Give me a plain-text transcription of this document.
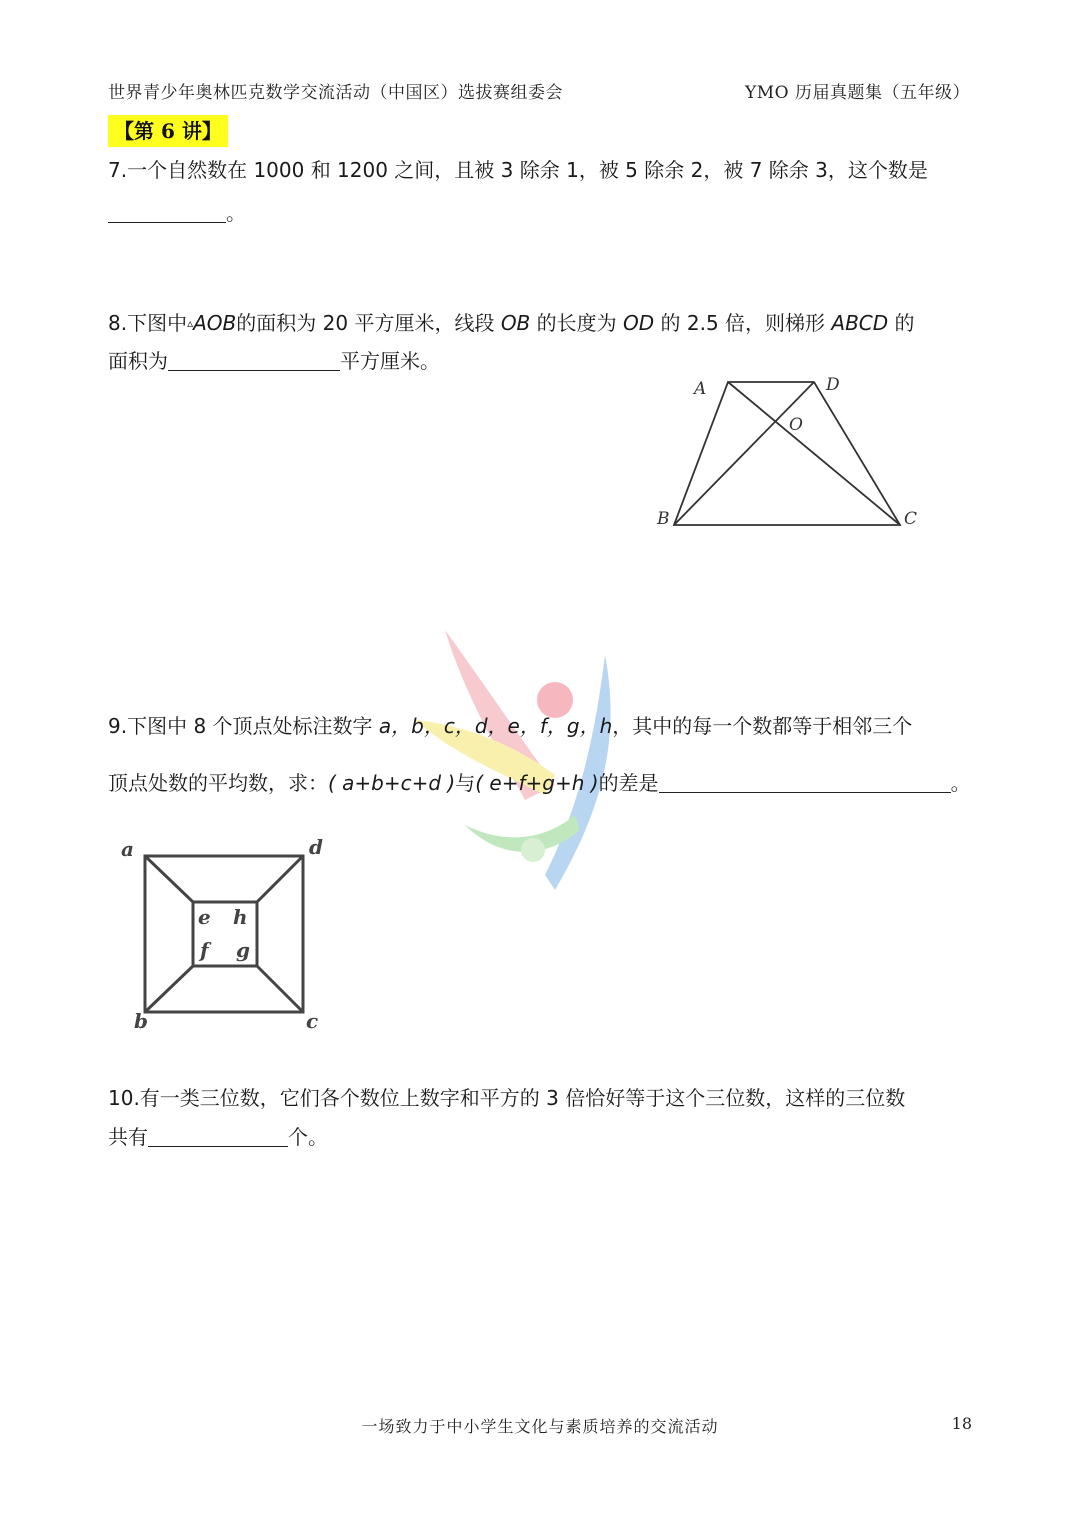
世界青少年奥林匹克数学交流活动（中国区）选拔赛组委会	YMO 历届真题集（五年级）
【第 6 讲】
7.一个自然数在 1000 和 1200 之间，且被 3 除余 1，被 5 除余 2，被 7 除余 3，这个数是
。
8.下图中▵AOB的面积为 20 平方厘米，线段 OB 的长度为 OD 的 2.5 倍，则梯形 ABCD 的
面积为	平方厘米。
A	D
O
B	C
9.下图中 8 个顶点处标注数字 a，b，c，d，e，f，g，h，其中的每一个数都等于相邻三个
顶点处数的平均数，求：( a+b+c+d )与( e+f+g+h )的差是	。
a	d
e h
f g
b	c
10.有一类三位数，它们各个数位上数字和平方的 3 倍恰好等于这个三位数，这样的三位数
共有	个。
一场致力于中小学生文化与素质培养的交流活动	18
